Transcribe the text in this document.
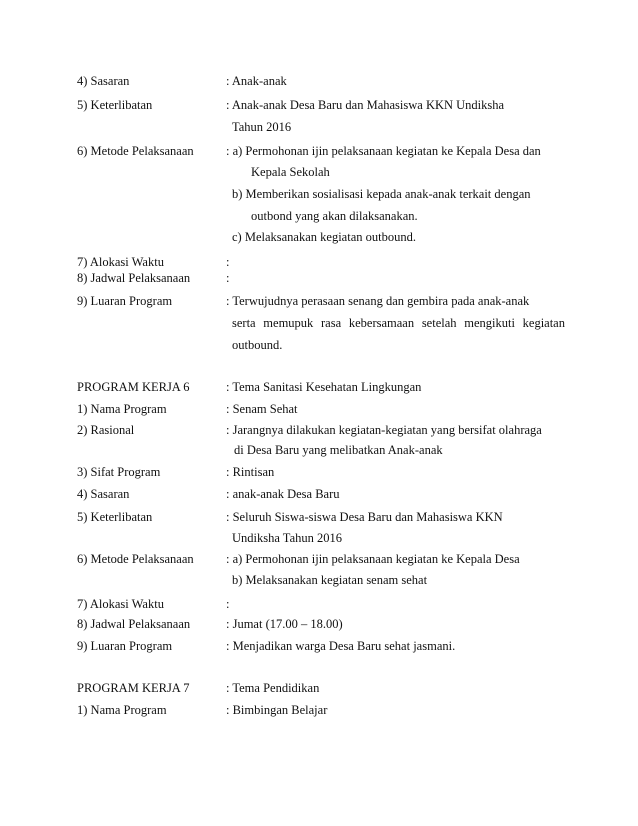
4) Sasaran	: Anak-anak
5) Keterlibatan	: Anak-anak Desa Baru dan Mahasiswa KKN Undiksha
Tahun 2016
6) Metode Pelaksanaan	: a) Permohonan ijin pelaksanaan kegiatan ke Kepala Desa dan
Kepala Sekolah
b) Memberikan sosialisasi kepada anak-anak terkait dengan
outbond yang akan dilaksanakan.
c) Melaksanakan kegiatan outbound.
7) Alokasi Waktu	:
8) Jadwal Pelaksanaan	:
9) Luaran Program	: Terwujudnya perasaan senang dan gembira pada anak-anak
serta memupuk rasa kebersamaan setelah mengikuti kegiatan
outbound.
PROGRAM KERJA 6	: Tema Sanitasi Kesehatan Lingkungan
1) Nama Program	: Senam Sehat
2) Rasional	: Jarangnya dilakukan kegiatan-kegiatan yang bersifat olahraga
di Desa Baru yang melibatkan Anak-anak
3) Sifat Program	: Rintisan
4) Sasaran	: anak-anak Desa Baru
5) Keterlibatan	: Seluruh Siswa-siswa Desa Baru dan Mahasiswa KKN
Undiksha Tahun 2016
6) Metode Pelaksanaan	: a) Permohonan ijin pelaksanaan kegiatan ke Kepala Desa
b) Melaksanakan kegiatan senam sehat
7) Alokasi Waktu	:
8) Jadwal Pelaksanaan	: Jumat (17.00 – 18.00)
9) Luaran Program	: Menjadikan warga Desa Baru sehat jasmani.
PROGRAM KERJA 7	: Tema Pendidikan
1) Nama Program	: Bimbingan Belajar
